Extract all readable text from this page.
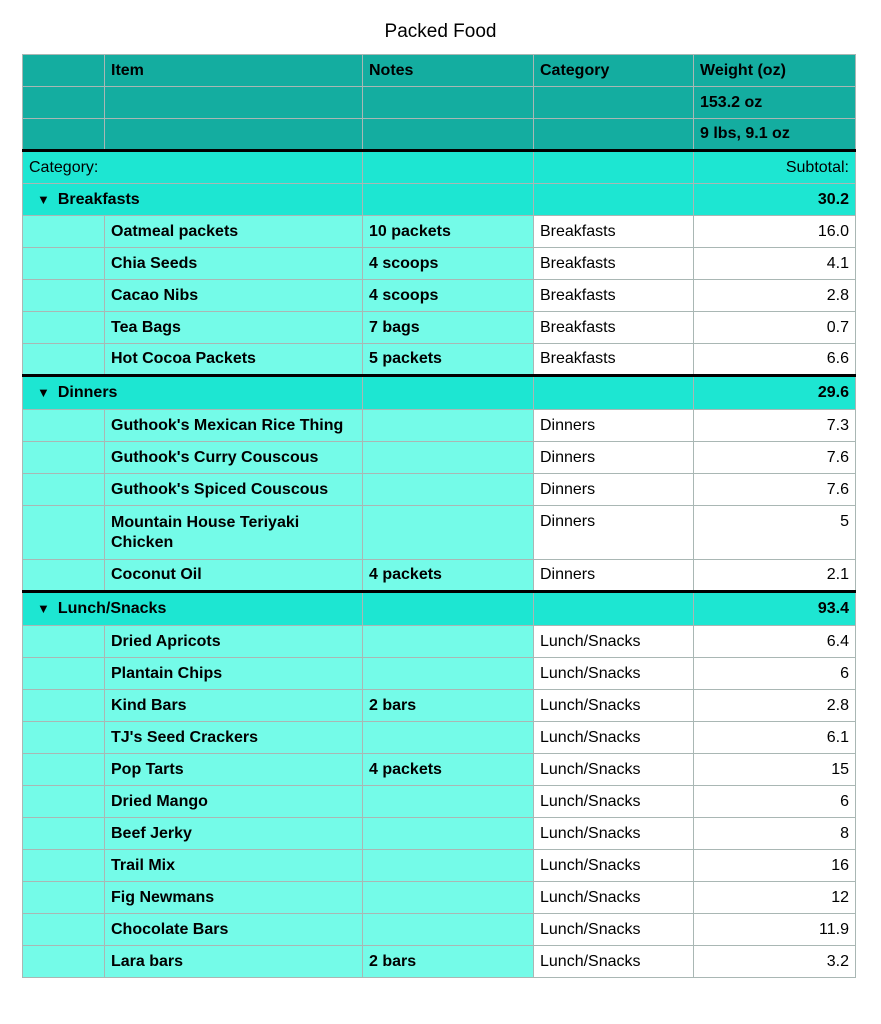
Packed Food
	Item	Notes	Category	Weight (oz)
				153.2 oz
				9 lbs, 9.1 oz
Category:				Subtotal:
▼ Breakfasts				30.2
	Oatmeal packets	10 packets	Breakfasts	16.0
	Chia Seeds	4 scoops	Breakfasts	4.1
	Cacao Nibs	4 scoops	Breakfasts	2.8
	Tea Bags	7 bags	Breakfasts	0.7
	Hot Cocoa Packets	5 packets	Breakfasts	6.6
▼ Dinners				29.6
	Guthook's Mexican Rice Thing		Dinners	7.3
	Guthook's Curry Couscous		Dinners	7.6
	Guthook's Spiced Couscous		Dinners	7.6
	Mountain House Teriyaki Chicken		Dinners	5
	Coconut Oil	4 packets	Dinners	2.1
▼ Lunch/Snacks				93.4
	Dried Apricots		Lunch/Snacks	6.4
	Plantain Chips		Lunch/Snacks	6
	Kind Bars	2 bars	Lunch/Snacks	2.8
	TJ's Seed Crackers		Lunch/Snacks	6.1
	Pop Tarts	4 packets	Lunch/Snacks	15
	Dried Mango		Lunch/Snacks	6
	Beef Jerky		Lunch/Snacks	8
	Trail Mix		Lunch/Snacks	16
	Fig Newmans		Lunch/Snacks	12
	Chocolate Bars		Lunch/Snacks	11.9
	Lara bars	2 bars	Lunch/Snacks	3.2
